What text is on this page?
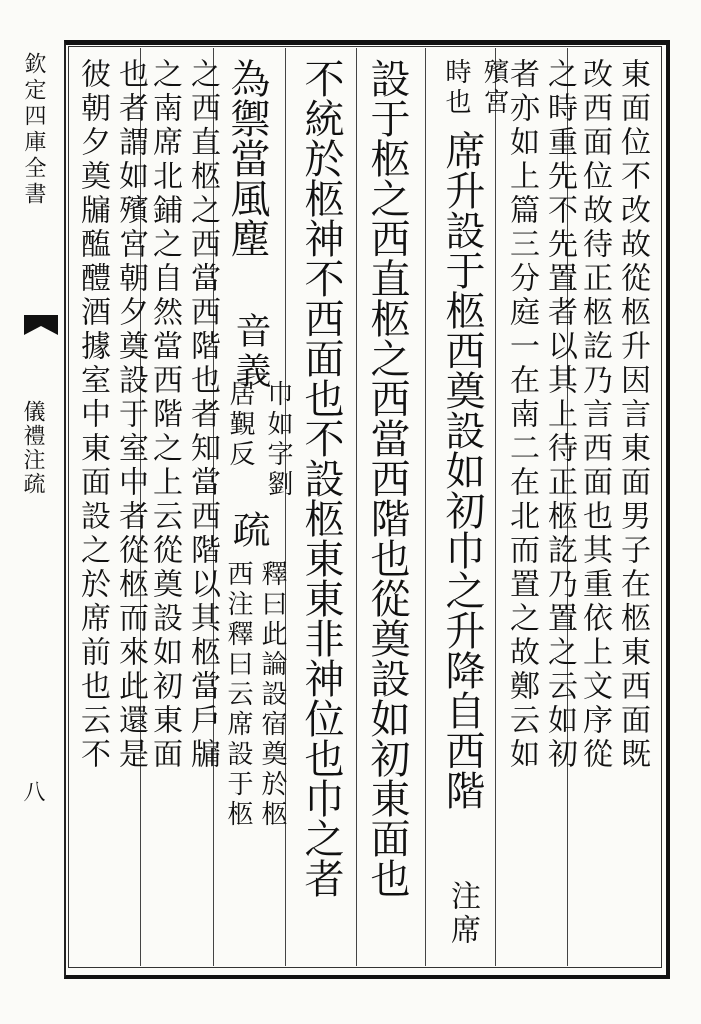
欽定四庫全書
儀禮注疏
八
東面位不改故從柩升因言東面男子在柩東西面既
改西面位故待正柩訖乃言西面也其重依上文序從
之時重先不先置者以其上待正柩訖乃置之云如初
者亦如上篇三分庭一在南二在北而置之故鄭云如
殯宮
時也
席升設于柩西奠設如初巾之升降自西階
注席
設于柩之西直柩之西當西階也從奠設如初東面也
不統於柩神不西面也不設柩東東非神位也巾之者
為禦當風塵
音義
巾如字劉
居覲反
疏
釋曰此論設宿奠於柩
西注釋曰云席設于柩
之西直柩之西當西階也者知當西階以其柩當戶牖
之南席北鋪之自然當西階之上云從奠設如初東面
也者謂如殯宮朝夕奠設于室中者從柩而來此還是
彼朝夕奠牖醢醴酒據室中東面設之於席前也云不
